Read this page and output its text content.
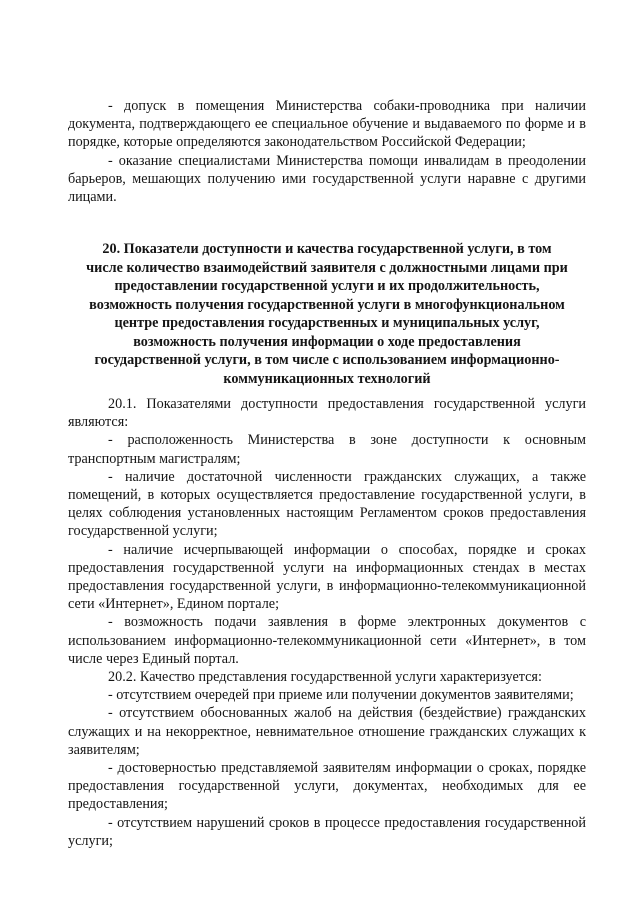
- допуск в помещения Министерства собаки-проводника при наличии документа, подтверждающего ее специальное обучение и выдаваемого по форме и в порядке, которые определяются законодательством Российской Федерации;

- оказание специалистами Министерства помощи инвалидам в преодолении барьеров, мешающих получению ими государственной услуги наравне с другими лицами.

20. Показатели доступности и качества государственной услуги, в том
числе количество взаимодействий заявителя с должностными лицами при
предоставлении государственной услуги и их продолжительность,
возможность получения государственной услуги в многофункциональном
центре предоставления государственных и муниципальных услуг,
возможность получения информации о ходе предоставления
государственной услуги, в том числе с использованием информационно-
коммуникационных технологий

20.1. Показателями доступности предоставления государственной услуги являются:

- расположенность Министерства в зоне доступности к основным транспортным магистралям;

- наличие достаточной численности гражданских служащих, а также помещений, в которых осуществляется предоставление государственной услуги, в целях соблюдения установленных настоящим Регламентом сроков предоставления государственной услуги;

- наличие исчерпывающей информации о способах, порядке и сроках предоставления государственной услуги на информационных стендах в местах предоставления государственной услуги, в информационно-телекоммуникационной сети «Интернет», Едином портале;

- возможность подачи заявления в форме электронных документов с использованием информационно-телекоммуникационной сети «Интернет», в том числе через Единый портал.

20.2. Качество представления государственной услуги характеризуется:

- отсутствием очередей при приеме или получении документов заявителями;

- отсутствием обоснованных жалоб на действия (бездействие) гражданских служащих и на некорректное, невнимательное отношение гражданских служащих к заявителям;

- достоверностью представляемой заявителям информации о сроках, порядке предоставления государственной услуги, документах, необходимых для ее предоставления;

- отсутствием нарушений сроков в процессе предоставления государственной услуги;
